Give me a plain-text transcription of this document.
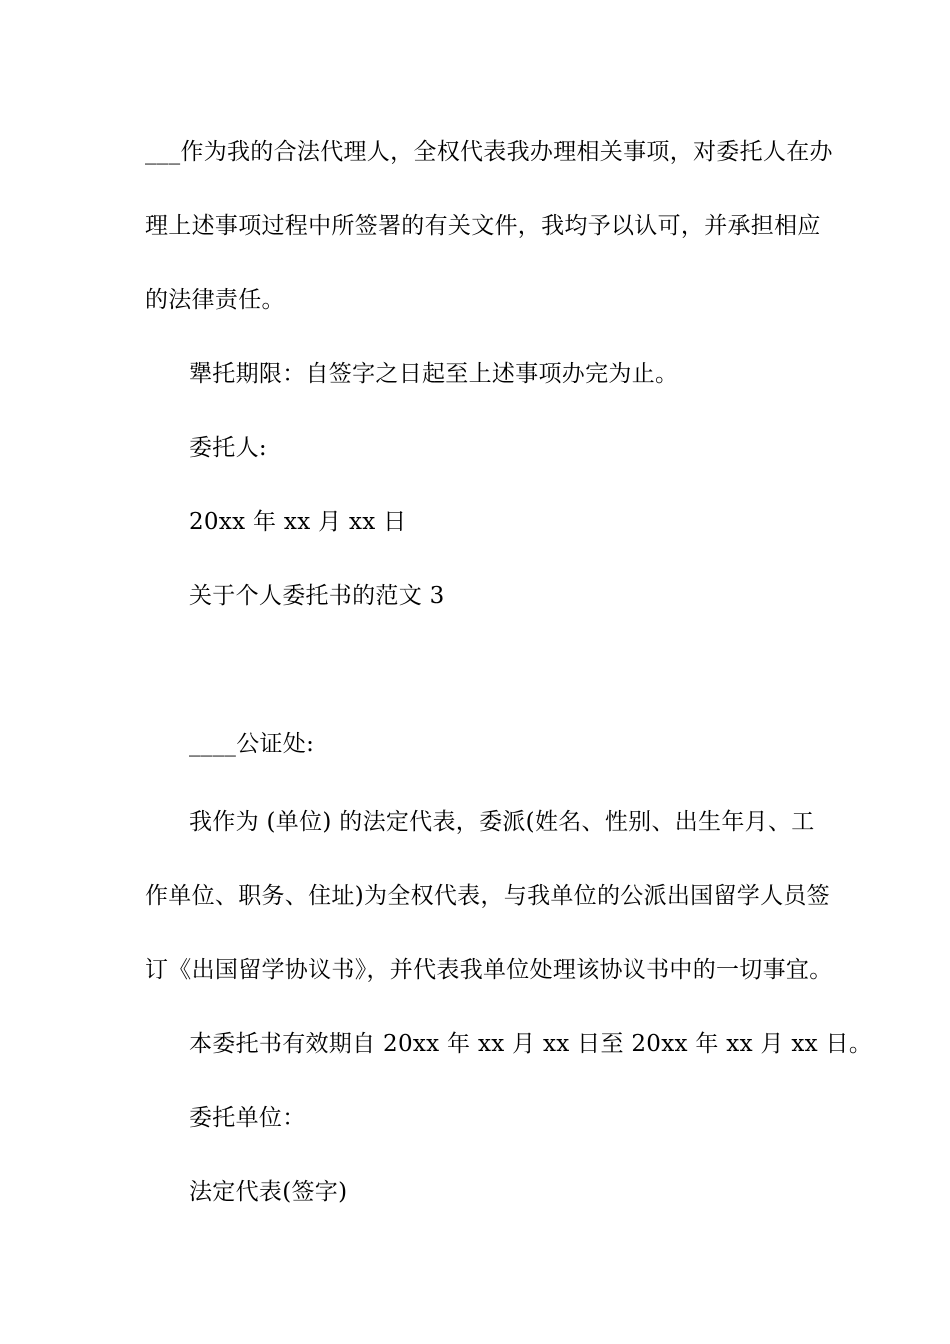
___作为我的合法代理人，全权代表我办理相关事项，对委托人在办
理上述事项过程中所签署的有关文件，我均予以认可，并承担相应
的法律责任。
犟托期限：自签字之日起至上述事项办完为止。
委托人:
20xx 年 xx 月 xx 日
关于个人委托书的范文 3
____公证处:
我作为 (单位) 的法定代表，委派(姓名、性别、出生年月、工
作单位、职务、住址)为全权代表，与我单位的公派出国留学人员签
订《出国留学协议书》，并代表我单位处理该协议书中的一切事宜。
本委托书有效期自 20xx 年 xx 月 xx 日至 20xx 年 xx 月 xx 日。
委托单位：
法定代表(签字)
